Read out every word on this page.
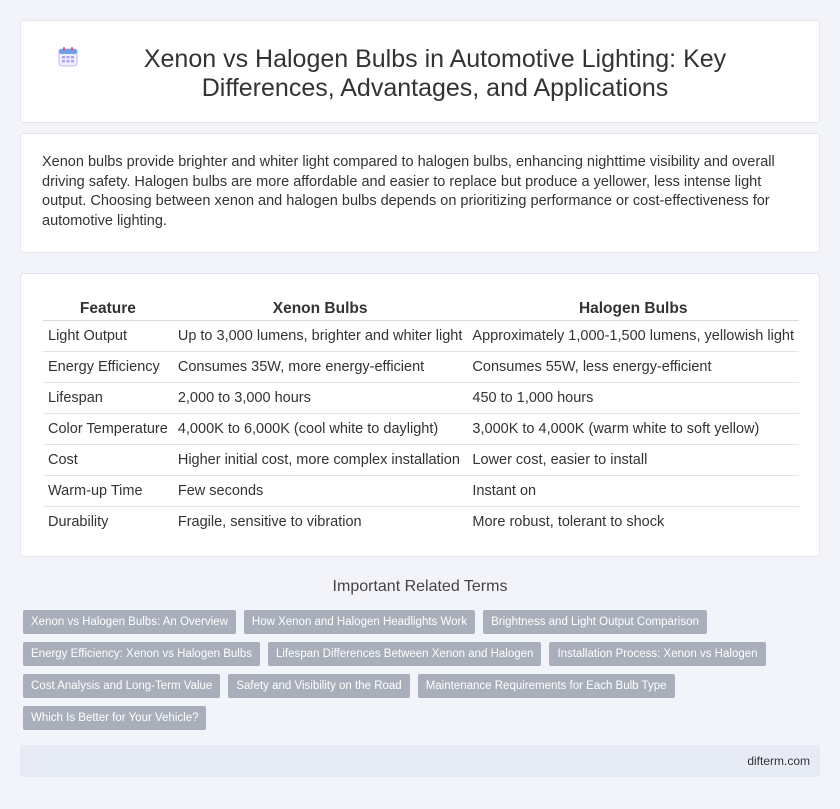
Xenon vs Halogen Bulbs in Automotive Lighting: Key Differences, Advantages, and Applications

Xenon bulbs provide brighter and whiter light compared to halogen bulbs, enhancing nighttime visibility and overall driving safety. Halogen bulbs are more affordable and easier to replace but produce a yellower, less intense light output. Choosing between xenon and halogen bulbs depends on prioritizing performance or cost-effectiveness for automotive lighting.

Feature	Xenon Bulbs	Halogen Bulbs
Light Output	Up to 3,000 lumens, brighter and whiter light	Approximately 1,000-1,500 lumens, yellowish light
Energy Efficiency	Consumes 35W, more energy-efficient	Consumes 55W, less energy-efficient
Lifespan	2,000 to 3,000 hours	450 to 1,000 hours
Color Temperature	4,000K to 6,000K (cool white to daylight)	3,000K to 4,000K (warm white to soft yellow)
Cost	Higher initial cost, more complex installation	Lower cost, easier to install
Warm-up Time	Few seconds	Instant on
Durability	Fragile, sensitive to vibration	More robust, tolerant to shock
Important Related Terms
Xenon vs Halogen Bulbs: An Overview	How Xenon and Halogen Headlights Work	Brightness and Light Output Comparison
Energy Efficiency: Xenon vs Halogen Bulbs	Lifespan Differences Between Xenon and Halogen	Installation Process: Xenon vs Halogen
Cost Analysis and Long-Term Value	Safety and Visibility on the Road	Maintenance Requirements for Each Bulb Type
Which Is Better for Your Vehicle?
difterm.com
